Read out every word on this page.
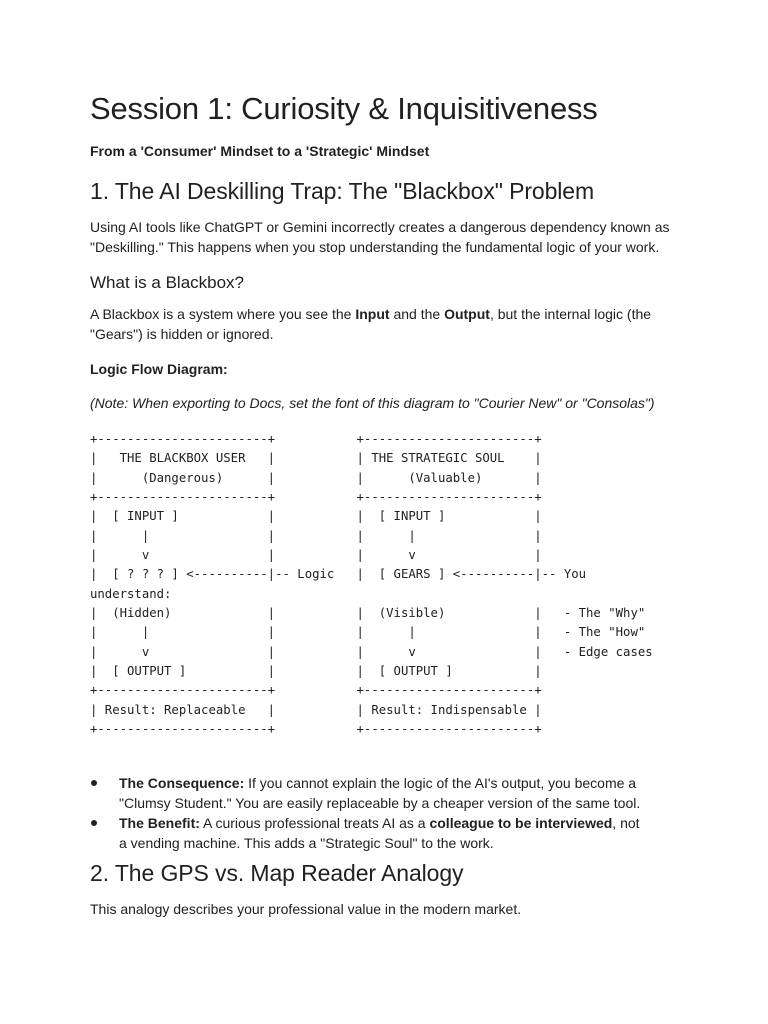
Session 1: Curiosity & Inquisitiveness

From a 'Consumer' Mindset to a 'Strategic' Mindset

1. The AI Deskilling Trap: The "Blackbox" Problem

Using AI tools like ChatGPT or Gemini incorrectly creates a dangerous dependency known as "Deskilling." This happens when you stop understanding the fundamental logic of your work.

What is a Blackbox?

A Blackbox is a system where you see the Input and the Output, but the internal logic (the "Gears") is hidden or ignored.

Logic Flow Diagram:

(Note: When exporting to Docs, set the font of this diagram to "Courier New" or "Consolas")

+-----------------------+           +-----------------------+
|   THE BLACKBOX USER   |           | THE STRATEGIC SOUL    |
|      (Dangerous)      |           |      (Valuable)       |
+-----------------------+           +-----------------------+
|  [ INPUT ]            |           |  [ INPUT ]            |
|      |                |           |      |                |
|      v                |           |      v                |
|  [ ? ? ? ] <----------|-- Logic   |  [ GEARS ] <----------|-- You
understand:
|  (Hidden)             |           |  (Visible)            |   - The "Why"
|      |                |           |      |                |   - The "How"
|      v                |           |      v                |   - Edge cases
|  [ OUTPUT ]           |           |  [ OUTPUT ]           |
+-----------------------+           +-----------------------+
| Result: Replaceable   |           | Result: Indispensable |
+-----------------------+           +-----------------------+
The Consequence: If you cannot explain the logic of the AI's output, you become a "Clumsy Student." You are easily replaceable by a cheaper version of the same tool.
The Benefit: A curious professional treats AI as a colleague to be interviewed, not a vending machine. This adds a "Strategic Soul" to the work.
2. The GPS vs. Map Reader Analogy

This analogy describes your professional value in the modern market.
